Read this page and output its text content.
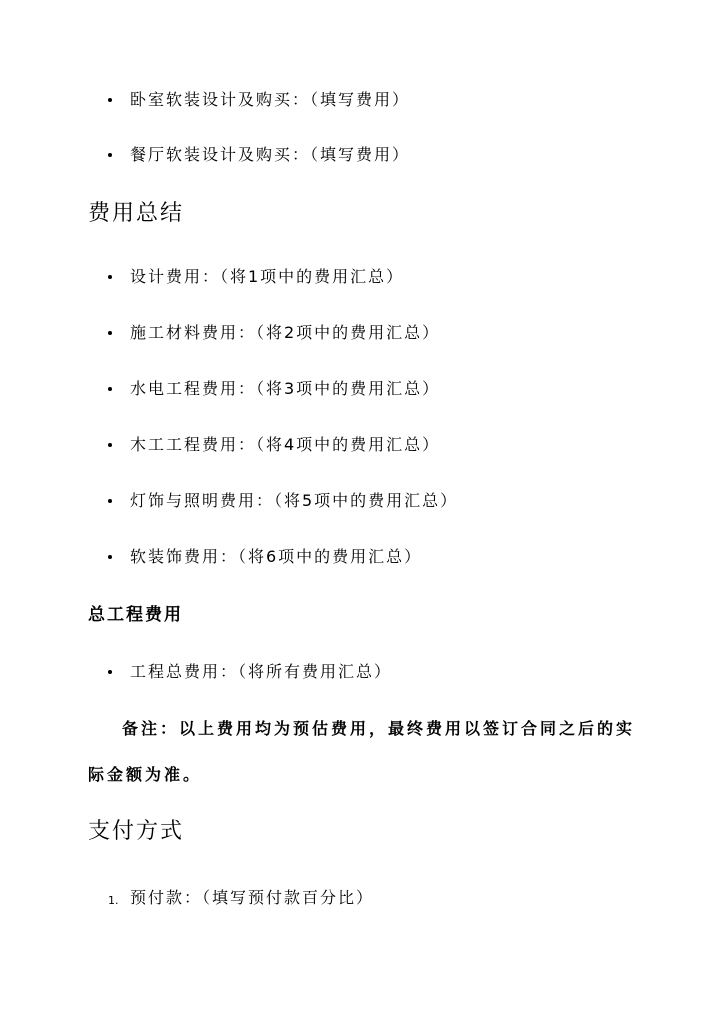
卧室软装设计及购买：（填写费用）
餐厅软装设计及购买：（填写费用）
费用总结
设计费用：（将1项中的费用汇总）
施工材料费用：（将2项中的费用汇总）
水电工程费用：（将3项中的费用汇总）
木工工程费用：（将4项中的费用汇总）
灯饰与照明费用：（将5项中的费用汇总）
软装饰费用：（将6项中的费用汇总）
总工程费用
工程总费用：（将所有费用汇总）
备注：以上费用均为预估费用，最终费用以签订合同之后的实际金额为准。
支付方式
1. 预付款：（填写预付款百分比）
